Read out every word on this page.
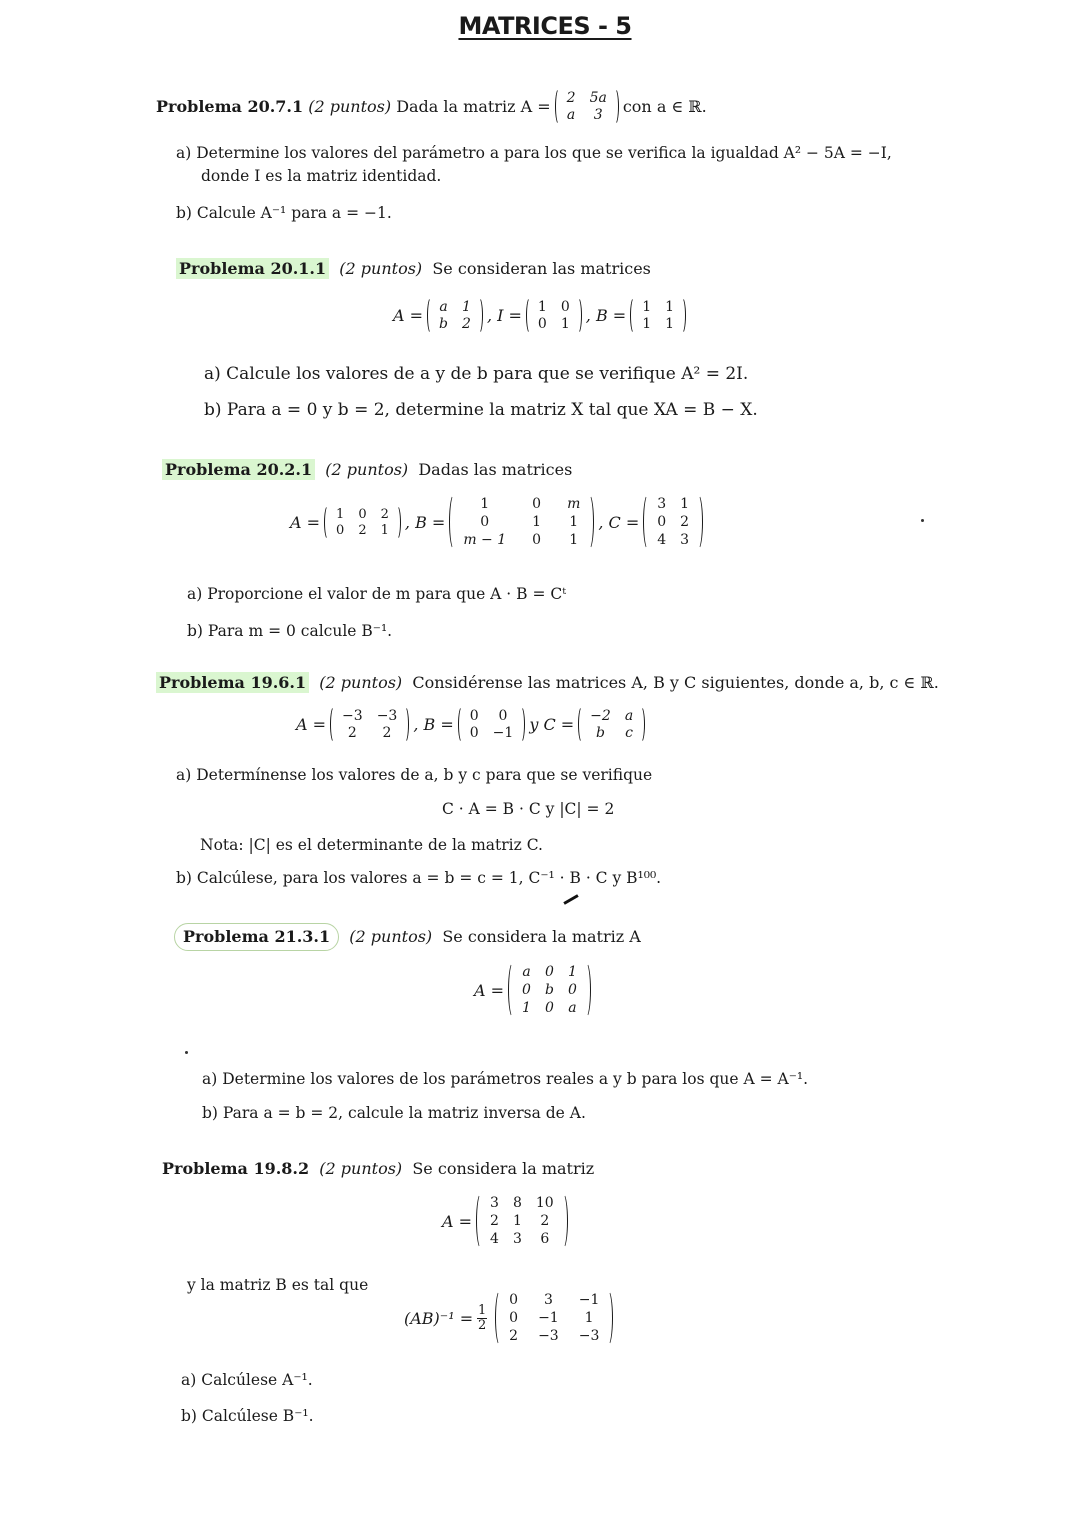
MATRICES - 5
Problema 20.7.1
(2 puntos)
Dada la matriz A = 2 5a
a 3 con a ∈ ℝ.
a) Determine los valores del parámetro a para los que se verifica la igualdad A² − 5A = −I,
donde I es la matriz identidad.
b) Calcule A⁻¹ para a = −1.
Problema 20.1.1 (2 puntos) Se consideran las matrices
A = a 1
b 2 , I = 1 0
0 1 , B = 1 1
1 1
a) Calcule los valores de a y de b para que se verifique A² = 2I.
b) Para a = 0 y b = 2, determine la matriz X tal que XA = B − X.
Problema 20.2.1 (2 puntos) Dadas las matrices
A = 1 0 2
0 2 1 , B =
1	0 m
0	1 1
m − 1 0 1
, C =
3 1
0 2
4 3
a) Proporcione el valor de m para que A · B = Cᵗ
b) Para m = 0 calcule B⁻¹.
Problema 19.6.1 (2 puntos) Considérense las matrices A, B y C siguientes, donde a, b, c ∈ ℝ.
A = −3 −3
2 2 , B = 0 0
0 −1 y C = −2 a
b c
a) Determínense los valores de a, b y c para que se verifique
C · A = B · C y |C| = 2
Nota: |C| es el determinante de la matriz C.
b) Calcúlese, para los valores a = b = c = 1, C⁻¹ · B · C y B¹⁰⁰.
Problema 21.3.1 (2 puntos) Se considera la matriz A
A =
a 0 1
0 b 0
1 0 a
a) Determine los valores de los parámetros reales a y b para los que A = A⁻¹.
b) Para a = b = 2, calcule la matriz inversa de A.
Problema 19.8.2 (2 puntos) Se considera la matriz
A =
3 8 10
2 1 2
4 3 6
y la matriz B es tal que
(AB)⁻¹ = 1
2
0 3 −1
0 −1 1
2 −3 −3
a) Calcúlese A⁻¹.
b) Calcúlese B⁻¹.
